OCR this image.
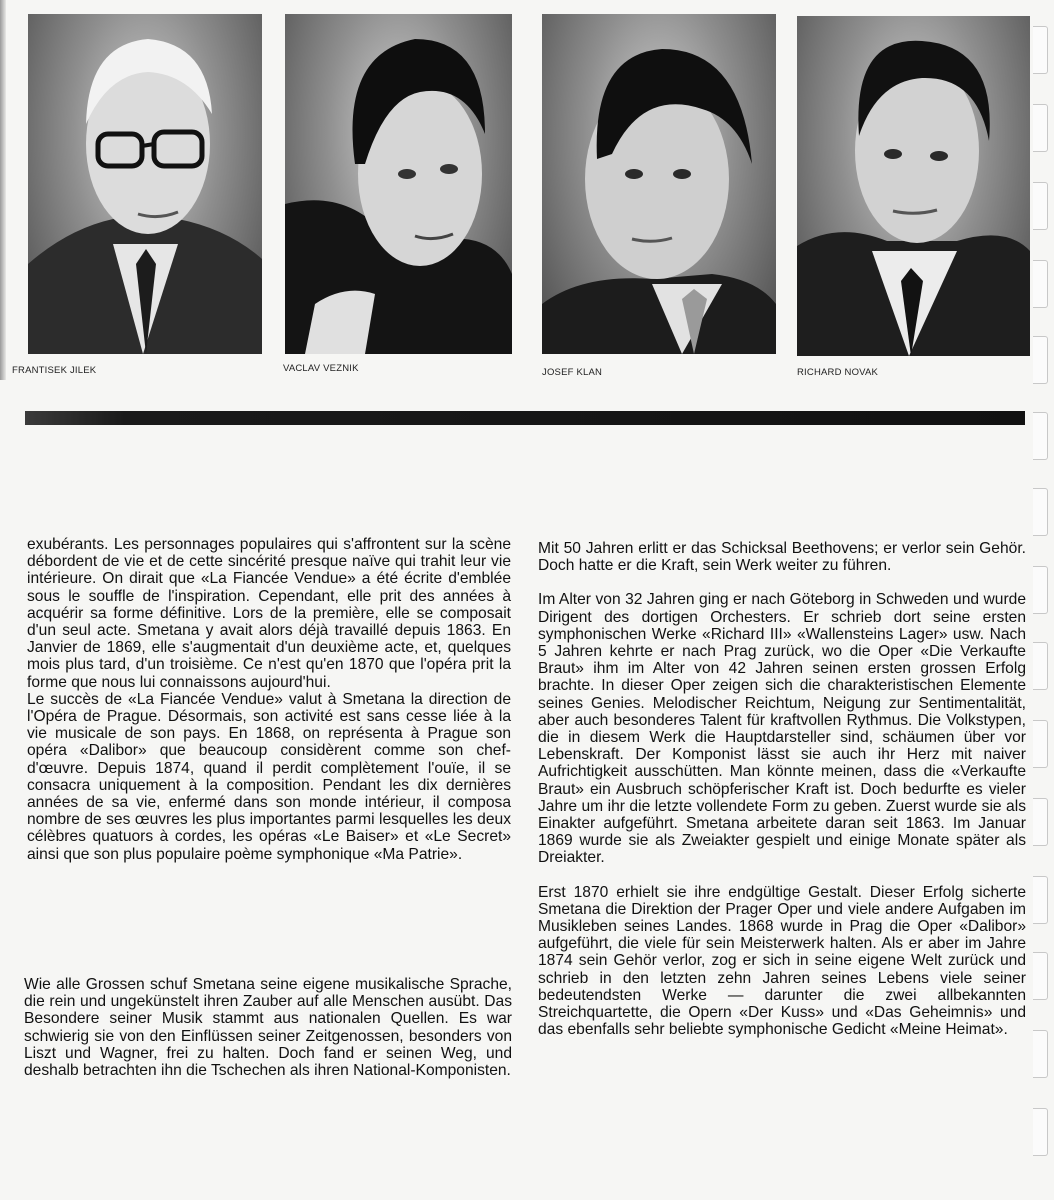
FRANTISEK JILEK	VACLAV VEZNIK	JOSEF KLAN	RICHARD NOVAK

exubérants. Les personnages populaires qui s'affrontent sur la scène débordent de vie et de cette sincérité presque naïve qui trahit leur vie intérieure. On dirait que «La Fiancée Vendue» a été écrite d'emblée sous le souffle de l'inspiration. Cependant, elle prit des années à acquérir sa forme définitive. Lors de la première, elle se composait d'un seul acte. Smetana y avait alors déjà travaillé depuis 1863. En Janvier de 1869, elle s'augmentait d'un deuxième acte, et, quelques mois plus tard, d'un troisième. Ce n'est qu'en 1870 que l'opéra prit la forme que nous lui connaissons aujourd'hui.

Le succès de «La Fiancée Vendue» valut à Smetana la direction de l'Opéra de Prague. Désormais, son activité est sans cesse liée à la vie musicale de son pays. En 1868, on représenta à Prague son opéra «Dalibor» que beaucoup considèrent comme son chef-d'œuvre. Depuis 1874, quand il perdit complètement l'ouïe, il se consacra uniquement à la composition. Pendant les dix dernières années de sa vie, enfermé dans son monde intérieur, il composa nombre de ses œuvres les plus importantes parmi lesquelles les deux célèbres quatuors à cordes, les opéras «Le Baiser» et «Le Secret» ainsi que son plus populaire poème symphonique «Ma Patrie».

Wie alle Grossen schuf Smetana seine eigene musikalische Sprache, die rein und ungekünstelt ihren Zauber auf alle Menschen ausübt. Das Besondere seiner Musik stammt aus nationalen Quellen. Es war schwierig sie von den Einflüssen seiner Zeitgenossen, besonders von Liszt und Wagner, frei zu halten. Doch fand er seinen Weg, und deshalb betrachten ihn die Tschechen als ihren National-Komponisten.

Mit 50 Jahren erlitt er das Schicksal Beethovens; er verlor sein Gehör. Doch hatte er die Kraft, sein Werk weiter zu führen.

Im Alter von 32 Jahren ging er nach Göteborg in Schweden und wurde Dirigent des dortigen Orchesters. Er schrieb dort seine ersten symphonischen Werke «Richard III» «Wallensteins Lager» usw. Nach 5 Jahren kehrte er nach Prag zurück, wo die Oper «Die Verkaufte Braut» ihm im Alter von 42 Jahren seinen ersten grossen Erfolg brachte. In dieser Oper zeigen sich die charakteristischen Elemente seines Genies. Melodischer Reichtum, Neigung zur Sentimentalität, aber auch besonderes Talent für kraftvollen Rythmus. Die Volkstypen, die in diesem Werk die Hauptdarsteller sind, schäumen über vor Lebenskraft. Der Komponist lässt sie auch ihr Herz mit naiver Aufrichtigkeit ausschütten. Man könnte meinen, dass die «Verkaufte Braut» ein Ausbruch schöpferischer Kraft ist. Doch bedurfte es vieler Jahre um ihr die letzte vollendete Form zu geben. Zuerst wurde sie als Einakter aufgeführt. Smetana arbeitete daran seit 1863. Im Januar 1869 wurde sie als Zweiakter gespielt und einige Monate später als Dreiakter.

Erst 1870 erhielt sie ihre endgültige Gestalt. Dieser Erfolg sicherte Smetana die Direktion der Prager Oper und viele andere Aufgaben im Musikleben seines Landes. 1868 wurde in Prag die Oper «Dalibor» aufgeführt, die viele für sein Meisterwerk halten. Als er aber im Jahre 1874 sein Gehör verlor, zog er sich in seine eigene Welt zurück und schrieb in den letzten zehn Jahren seines Lebens viele seiner bedeutendsten Werke — darunter die zwei allbekannten Streichquartette, die Opern «Der Kuss» und «Das Geheimnis» und das ebenfalls sehr beliebte symphonische Gedicht «Meine Heimat».
